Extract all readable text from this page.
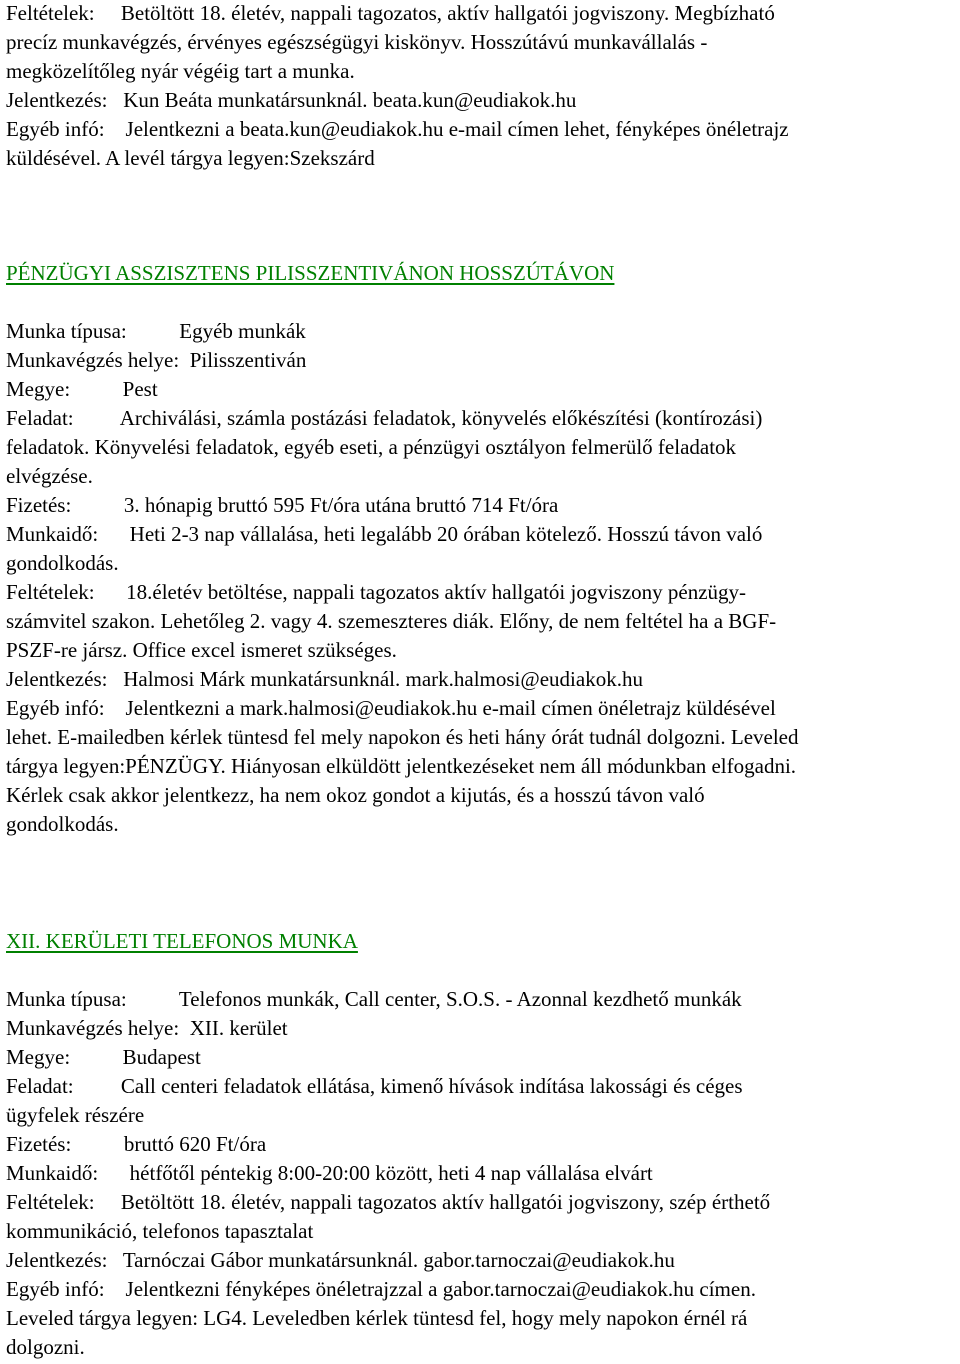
Feltételek:     Betöltött 18. életév, nappali tagozatos, aktív hallgatói jogviszony. Megbízható
precíz munkavégzés, érvényes egészségügyi kiskönyv. Hosszútávú munkavállalás -
megközelítőleg nyár végéig tart a munka.
Jelentkezés:   Kun Beáta munkatársunknál. beata.kun@eudiakok.hu
Egyéb infó:    Jelentkezni a beata.kun@eudiakok.hu e-mail címen lehet, fényképes önéletrajz
küldésével. A levél tárgya legyen:Szekszárd
PÉNZÜGYI ASSZISZTENS PILISSZENTIVÁNON HOSSZÚTÁVON
Munka típusa:          Egyéb munkák
Munkavégzés helye:  Pilisszentiván
Megye:          Pest
Feladat:         Archiválási, számla postázási feladatok, könyvelés előkészítési (kontírozási)
feladatok. Könyvelési feladatok, egyéb eseti, a pénzügyi osztályon felmerülő feladatok
elvégzése.
Fizetés:          3. hónapig bruttó 595 Ft/óra utána bruttó 714 Ft/óra
Munkaidő:      Heti 2-3 nap vállalása, heti legalább 20 órában kötelező. Hosszú távon való
gondolkodás.
Feltételek:      18.életév betöltése, nappali tagozatos aktív hallgatói jogviszony pénzügy-
számvitel szakon. Lehetőleg 2. vagy 4. szemeszteres diák. Előny, de nem feltétel ha a BGF-
PSZF-re jársz. Office excel ismeret szükséges.
Jelentkezés:   Halmosi Márk munkatársunknál. mark.halmosi@eudiakok.hu
Egyéb infó:    Jelentkezni a mark.halmosi@eudiakok.hu e-mail címen önéletrajz küldésével
lehet. E-mailedben kérlek tüntesd fel mely napokon és heti hány órát tudnál dolgozni. Leveled
tárgya legyen:PÉNZÜGY. Hiányosan elküldött jelentkezéseket nem áll módunkban elfogadni.
Kérlek csak akkor jelentkezz, ha nem okoz gondot a kijutás, és a hosszú távon való
gondolkodás.
XII. KERÜLETI TELEFONOS MUNKA
Munka típusa:          Telefonos munkák, Call center, S.O.S. - Azonnal kezdhető munkák
Munkavégzés helye:  XII. kerület
Megye:          Budapest
Feladat:         Call centeri feladatok ellátása, kimenő hívások indítása lakossági és céges
ügyfelek részére
Fizetés:          bruttó 620 Ft/óra
Munkaidő:      hétfőtől péntekig 8:00-20:00 között, heti 4 nap vállalása elvárt
Feltételek:     Betöltött 18. életév, nappali tagozatos aktív hallgatói jogviszony, szép érthető
kommunikáció, telefonos tapasztalat
Jelentkezés:   Tarnóczai Gábor munkatársunknál. gabor.tarnoczai@eudiakok.hu
Egyéb infó:    Jelentkezni fényképes önéletrajzzal a gabor.tarnoczai@eudiakok.hu címen.
Leveled tárgya legyen: LG4. Leveledben kérlek tüntesd fel, hogy mely napokon érnél rá
dolgozni.
